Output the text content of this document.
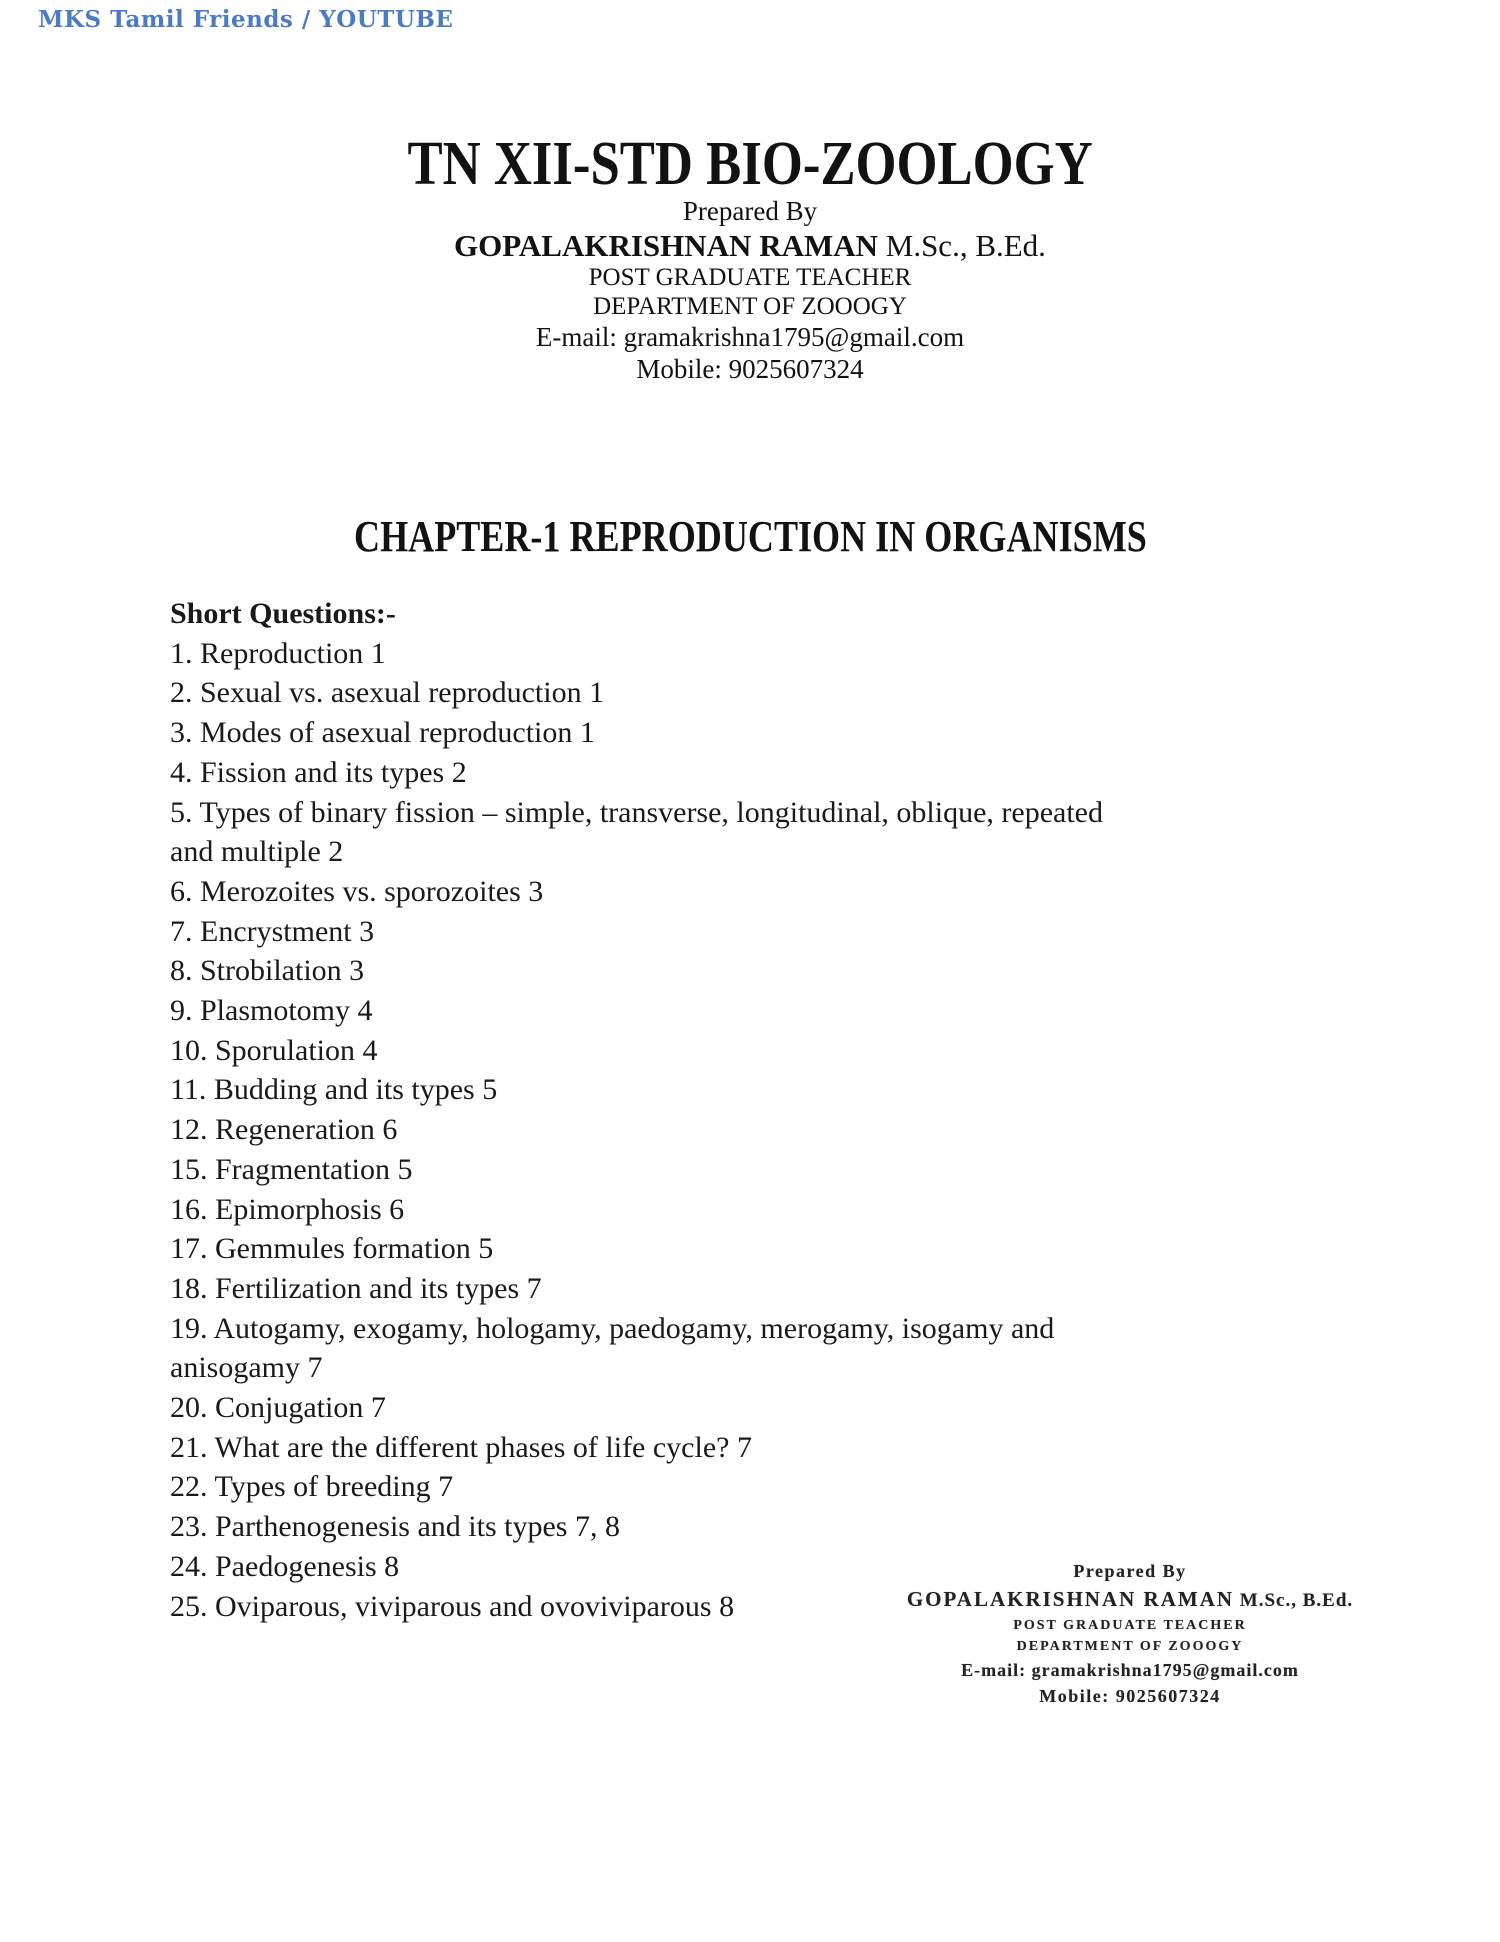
MKS Tamil Friends / YOUTUBE
TN XII-STD BIO-ZOOLOGY
Prepared By
GOPALAKRISHNAN RAMAN M.Sc., B.Ed.
POST GRADUATE TEACHER
DEPARTMENT OF ZOOOGY
E-mail: gramakrishna1795@gmail.com
Mobile: 9025607324
CHAPTER-1 REPRODUCTION IN ORGANISMS
Short Questions:-
1. Reproduction 1
2. Sexual vs. asexual reproduction 1
3. Modes of asexual reproduction 1
4. Fission and its types 2
5. Types of binary fission – simple, transverse, longitudinal, oblique, repeated
and multiple 2
6. Merozoites vs. sporozoites 3
7. Encrystment 3
8. Strobilation 3
9. Plasmotomy 4
10. Sporulation 4
11. Budding and its types 5
12. Regeneration 6
15. Fragmentation 5
16. Epimorphosis 6
17. Gemmules formation 5
18. Fertilization and its types 7
19. Autogamy, exogamy, hologamy, paedogamy, merogamy, isogamy and
anisogamy 7
20. Conjugation 7
21. What are the different phases of life cycle? 7
22. Types of breeding 7
23. Parthenogenesis and its types 7, 8
24. Paedogenesis 8
25. Oviparous, viviparous and ovoviviparous 8
Prepared By
GOPALAKRISHNAN RAMAN M.Sc., B.Ed.
POST GRADUATE TEACHER
DEPARTMENT OF ZOOOGY
E-mail: gramakrishna1795@gmail.com
Mobile: 9025607324
